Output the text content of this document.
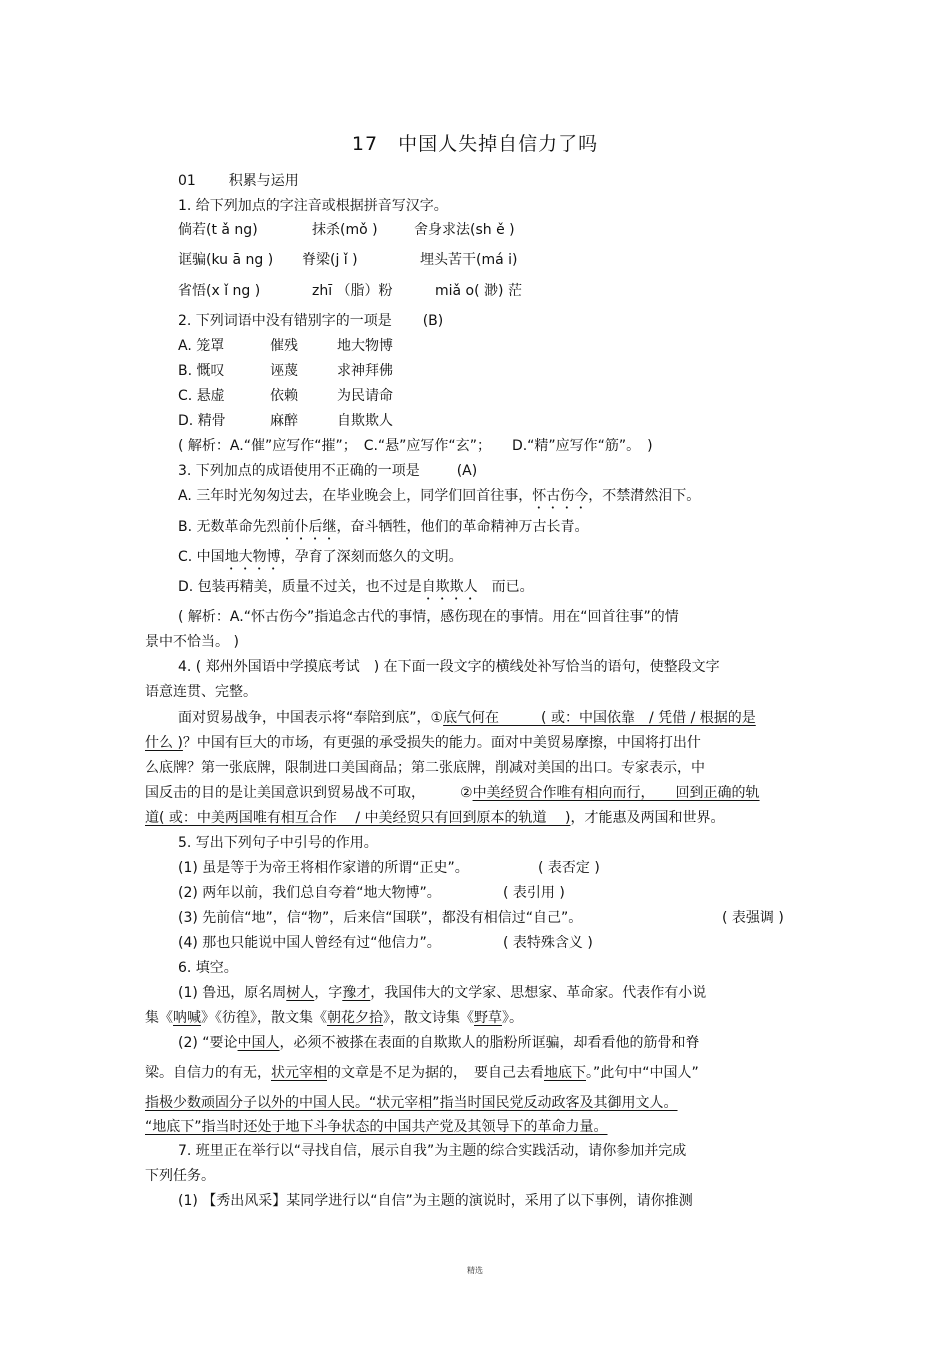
17　中国人失掉自信力了吗
01 积累与运用
1. 给下列加点的字注音或根据拼音写汉字。
倘若(t ǎ ng)	抹杀(mǒ )	舍身求法(sh ě )
诓骗(ku ā ng ) 脊梁(j ǐ )	埋头苦干(má i)
省悟(x ǐ ng )	zhī （脂）粉	miǎ o( 渺) 茫
2. 下列词语中没有错别字的一项是 (B)
A. 笼罩	催残	地大物博
B. 慨叹	诬蔑	求神拜佛
C. 悬虚	依赖	为民请命
D. 精骨	麻醉	自欺欺人
( 解析：A.“催”应写作“摧”；　C.“悬”应写作“玄”；　　D.“精”应写作“筋”。　)
3. 下列加点的成语使用不正确的一项是	(A)
A. 三年时光匆匆过去，在毕业晚会上，同学们回首往事，怀古伤今，不禁潸然泪下。
B. 无数革命先烈前仆后继，奋斗牺牲，他们的革命精神万古长青。
C. 中国地大物博，孕育了深刻而悠久的文明。
D. 包装再精美，质量不过关，也不过是自欺欺人　而已。
( 解析：A.“怀古伤今”指追念古代的事情，感伤现在的事情。用在“回首往事”的情
景中不恰当。 )
4. ( 郑州外国语中学摸底考试　) 在下面一段文字的横线处补写恰当的语句，使整段文字
语意连贯、完整。
面对贸易战争，中国表示将“奉陪到底”，①底气何在　　　( 或：中国依靠　/ 凭借 / 根据的是
什么 )？中国有巨大的市场，有更强的承受损失的能力。面对中美贸易摩擦，中国将打出什
么底牌？第一张底牌，限制进口美国商品；第二张底牌，削减对美国的出口。专家表示，中
国反击的目的是让美国意识到贸易战不可取，　　　②中美经贸合作唯有相向而行，　　回到正确的轨
道( 或：中美两国唯有相互合作　 / 中美经贸只有回到原本的轨道　 )，才能惠及两国和世界。
5. 写出下列句子中引号的作用。
(1) 虽是等于为帝王将相作家谱的所谓“正史”。	( 表否定 )
(2) 两年以前，我们总自夸着“地大物博”。	( 表引用 )
(3) 先前信“地”，信“物”，后来信“国联”，都没有相信过“自己”。	( 表强调 )
(4) 那也只能说中国人曾经有过“他信力”。	( 表特殊含义 )
6. 填空。
(1) 鲁迅，原名周树人，字豫才，我国伟大的文学家、思想家、革命家。代表作有小说
集《呐喊》《彷徨》，散文集《朝花夕拾》，散文诗集《野草》。
(2) “要论中国人，必须不被搽在表面的自欺欺人的脂粉所诓骗，却看看他的筋骨和脊
梁。自信力的有无，状元宰相的文章是不足为据的，　要自己去看地底下。”此句中“中国人”
指极少数顽固分子以外的中国人民。“状元宰相”指当时国民党反动政客及其御用文人。
“地底下”指当时还处于地下斗争状态的中国共产党及其领导下的革命力量。
7. 班里正在举行以“寻找自信，展示自我”为主题的综合实践活动，请你参加并完成
下列任务。
(1) 【秀出风采】某同学进行以“自信”为主题的演说时，采用了以下事例，请你推测
精选
